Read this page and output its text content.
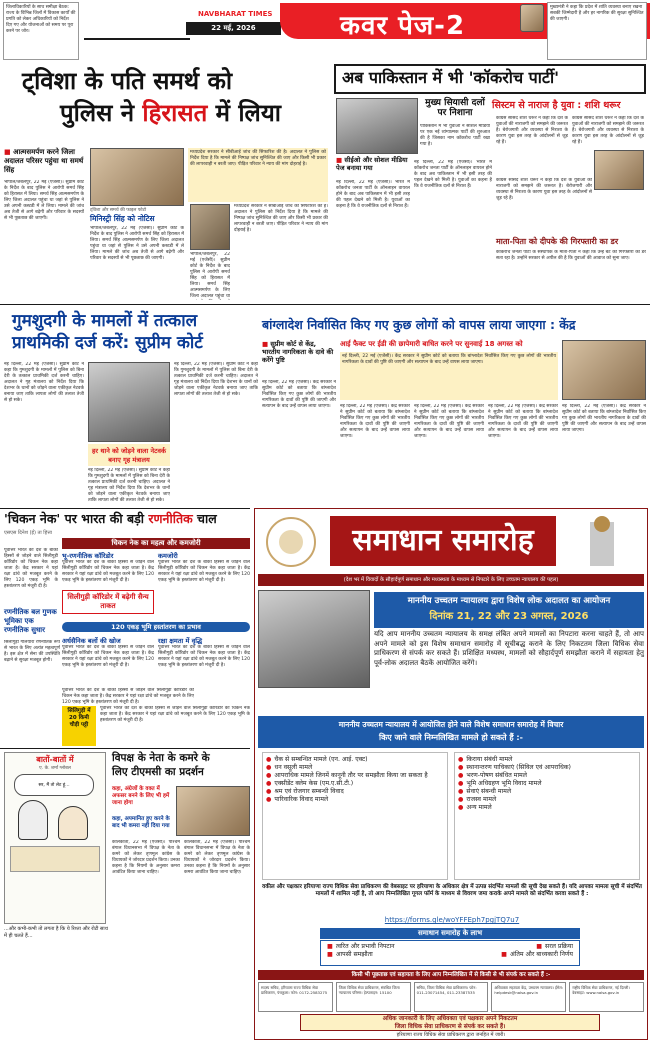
जिलाधिकारियों के साथ समीक्षा बैठक: राज्य के विभिन्न जिलों में विकास कार्यों की प्रगति को लेकर अधिकारियों को निर्देश दिए गए और योजनाओं को समय पर पूरा करने पर जोर।
NAVBHARAT TIMES
22 मई, 2026	कवर पेज-2
मुख्यमंत्री ने कहा कि प्रदेश में शांति व्यवस्था बनाए रखना सबकी जिम्मेदारी है और हर नागरिक की सुरक्षा सुनिश्चित की जाएगी।
ट्विशा के पति समर्थ को
पुलिस ने हिरासत में लिया
■ आत्मसमर्पण करने जिला अदालत परिसर पहुंचा था समर्थ सिंह
भोपाल/जबलपुर, 22 मई (एजेंसी)। सुप्रीम कोर्ट के निर्देश के बाद पुलिस ने आरोपी समर्थ सिंह को हिरासत में लिया। समर्थ सिंह आत्मसमर्पण के लिए जिला अदालत पहुंचा था जहां से पुलिस ने उसे अपनी कस्टडी में ले लिया। मामले की जांच अब तेजी से आगे बढ़ेगी और परिवार के सदस्यों से भी पूछताछ की जाएगी।
ट्विशा और समर्थ की फाइल फोटो
मिनिस्ट्री सिंह को नोटिस
भोपाल/जबलपुर, 22 मई (एजेंसी)। सुप्रीम कोर्ट के निर्देश के बाद पुलिस ने आरोपी समर्थ सिंह को हिरासत में लिया। समर्थ सिंह आत्मसमर्पण के लिए जिला अदालत पहुंचा था जहां से पुलिस ने उसे अपनी कस्टडी में ले लिया। मामले की जांच अब तेजी से आगे बढ़ेगी और परिवार के सदस्यों से भी पूछताछ की जाएगी।
मध्यप्रदेश सरकार ने सीबीआई जांच की सिफारिश की है। अदालत ने पुलिस को निर्देश दिया है कि मामले की निष्पक्ष जांच सुनिश्चित की जाए और किसी भी प्रकार की लापरवाही न बरती जाए। पीड़ित परिवार ने न्याय की मांग दोहराई है।
मध्यप्रदेश सरकार ने सीबीआई जांच की सिफारिश की है। अदालत ने पुलिस को निर्देश दिया है कि मामले की निष्पक्ष जांच सुनिश्चित की जाए और किसी भी प्रकार की लापरवाही न बरती जाए। पीड़ित परिवार ने न्याय की मांग दोहराई है।
भोपाल/जबलपुर, 22 मई (एजेंसी)। सुप्रीम कोर्ट के निर्देश के बाद पुलिस ने आरोपी समर्थ सिंह को हिरासत में लिया। समर्थ सिंह आत्मसमर्पण के लिए जिला अदालत पहुंचा था
अब पाकिस्तान में भी 'कॉकरोच पार्टी'
मुख्य सियासी दलों पर निशाना
पाकिस्तान में भी युवाओं ने सोशल मीडिया पर एक नई व्यंग्यात्मक पार्टी की शुरुआत की है जिसका नाम कॉकरोच पार्टी रखा गया है।
■ सीईओ और सोशल मीडिया पेज बनाया गया
नई दिल्ली, 22 मई (एजेंसी)। भारत में कॉकरोच जनता पार्टी के ऑनलाइन वायरल होने के बाद अब पाकिस्तान में भी इसी तरह की पहल देखने को मिली है। युवाओं का कहना है कि वे राजनीतिक दलों से निराश हैं।
नई दिल्ली, 22 मई (एजेंसी)। भारत में कॉकरोच जनता पार्टी के ऑनलाइन वायरल होने के बाद अब पाकिस्तान में भी इसी तरह की पहल देखने को मिली है। युवाओं का कहना है कि वे राजनीतिक दलों से निराश हैं।
सिस्टम से नाराज है युवा : शशि थरूर
कांग्रेस सांसद शशि थरूर ने कहा कि देश के युवाओं की नाराजगी को समझने की जरूरत है। बेरोजगारी और व्यवस्था से निराशा के कारण युवा इस तरह के आंदोलनों से जुड़ रहे हैं।
कांग्रेस सांसद शशि थरूर ने कहा कि देश के युवाओं की नाराजगी को समझने की जरूरत है। बेरोजगारी और व्यवस्था से निराशा के कारण युवा इस तरह के आंदोलनों से जुड़ रहे हैं।
कांग्रेस सांसद शशि थरूर ने कहा कि देश के युवाओं की नाराजगी को समझने की जरूरत है। बेरोजगारी और व्यवस्था से निराशा के कारण युवा इस तरह के आंदोलनों से जुड़ रहे हैं।
माता-पिता को दीपके की गिरफ्तारी का डर
कॉकरोच जनता पार्टी के संस्थापक के माता-पिता ने कहा कि उन्हें बेटे की गिरफ्तारी का डर सता रहा है। उन्होंने सरकार से अपील की है कि युवाओं की आवाज को सुना जाए।
गुमशुदगी के मामलों में तत्काल
प्राथमिकी दर्ज करें: सुप्रीम कोर्ट
नई दिल्ली, 22 मई (एजेंसी)। सुप्रीम कोर्ट ने कहा कि गुमशुदगी के मामलों में पुलिस को बिना देरी के तत्काल प्राथमिकी दर्ज करनी चाहिए। अदालत ने गृह मंत्रालय को निर्देश दिया कि देशभर के थानों को जोड़ने वाला एकीकृत नेटवर्क बनाया जाए ताकि लापता लोगों की तलाश तेजी से हो सके।
हर थाने को जोड़ने वाला नेटवर्क बनाए गृह मंत्रालय
नई दिल्ली, 22 मई (एजेंसी)। सुप्रीम कोर्ट ने कहा कि गुमशुदगी के मामलों में पुलिस को बिना देरी के तत्काल प्राथमिकी दर्ज करनी चाहिए। अदालत ने गृह मंत्रालय को निर्देश दिया कि देशभर के थानों को जोड़ने वाला एकीकृत नेटवर्क बनाया जाए ताकि लापता लोगों की तलाश तेजी से हो सके।
नई दिल्ली, 22 मई (एजेंसी)। सुप्रीम कोर्ट ने कहा कि गुमशुदगी के मामलों में पुलिस को बिना देरी के तत्काल प्राथमिकी दर्ज करनी चाहिए। अदालत ने गृह मंत्रालय को निर्देश दिया कि देशभर के थानों को जोड़ने वाला एकीकृत नेटवर्क बनाया जाए ताकि लापता लोगों की तलाश तेजी से हो सके।
बांग्लादेश निर्वासित किए गए कुछ लोगों को वापस लाया जाएगा : केंद्र
■ सुप्रीम कोर्ट से केंद्र, भारतीय नागरिकता के दावे की करेंगे पुष्टि
नई दिल्ली, 22 मई (एजेंसी)। केंद्र सरकार ने सुप्रीम कोर्ट को बताया कि बांग्लादेश निर्वासित किए गए कुछ लोगों की भारतीय नागरिकता के दावों की पुष्टि की जाएगी और सत्यापन के बाद उन्हें वापस लाया जाएगा।
आई फैक्ट पर ईडी की छापेमारी बाधित करने पर सुनवाई 18 अगस्त को
नई दिल्ली, 22 मई (एजेंसी)। केंद्र सरकार ने सुप्रीम कोर्ट को बताया कि बांग्लादेश निर्वासित किए गए कुछ लोगों की भारतीय नागरिकता के दावों की पुष्टि की जाएगी और सत्यापन के बाद उन्हें वापस लाया जाएगा।
नई दिल्ली, 22 मई (एजेंसी)। केंद्र सरकार ने सुप्रीम कोर्ट को बताया कि बांग्लादेश निर्वासित किए गए कुछ लोगों की भारतीय नागरिकता के दावों की पुष्टि की जाएगी और सत्यापन के बाद उन्हें वापस लाया जाएगा।
नई दिल्ली, 22 मई (एजेंसी)। केंद्र सरकार ने सुप्रीम कोर्ट को बताया कि बांग्लादेश निर्वासित किए गए कुछ लोगों की भारतीय नागरिकता के दावों की पुष्टि की जाएगी और सत्यापन के बाद उन्हें वापस लाया जाएगा।
नई दिल्ली, 22 मई (एजेंसी)। केंद्र सरकार ने सुप्रीम कोर्ट को बताया कि बांग्लादेश निर्वासित किए गए कुछ लोगों की भारतीय नागरिकता के दावों की पुष्टि की जाएगी और सत्यापन के बाद उन्हें वापस लाया जाएगा।
नई दिल्ली, 22 मई (एजेंसी)। केंद्र सरकार ने सुप्रीम कोर्ट को बताया कि बांग्लादेश निर्वासित किए गए कुछ लोगों की भारतीय नागरिकता के दावों की पुष्टि की जाएगी और सत्यापन के बाद उन्हें वापस लाया जाएगा।
'चिकन नेक' पर भारत की बड़ी रणनीतिक चाल
एसएस दिनेश (ई) ता हित्ता
चिकन नेक का महत्व और कमजोरी
भू-रणनीतिक कॉरिडोर	कमजोरी
पूर्वोत्तर भारत को देश के बाकी हिस्सों से जोड़ने वाले सिलीगुड़ी कॉरिडोर को चिकन नेक कहा जाता है। केंद्र सरकार ने यहां रक्षा ढांचे को मजबूत करने के लिए 120 एकड़ भूमि के हस्तांतरण को मंजूरी दी है।
पूर्वोत्तर भारत को देश के बाकी हिस्सों से जोड़ने वाले सिलीगुड़ी कॉरिडोर को चिकन नेक कहा जाता है। केंद्र सरकार ने यहां रक्षा ढांचे को मजबूत करने के लिए 120 एकड़ भूमि के हस्तांतरण को मंजूरी दी है।
पूर्वोत्तर भारत को देश के बाकी हिस्सों से जोड़ने वाले सिलीगुड़ी कॉरिडोर को चिकन नेक कहा जाता है। केंद्र सरकार ने यहां रक्षा ढांचे को मजबूत करने के लिए 120 एकड़ भूमि के हस्तांतरण को मंजूरी दी है।
सिलीगुड़ी कॉरिडोर में बढ़ेगी सैन्य ताकत
120 एकड़ भूमि हस्तांतरण का प्रभाव
अर्धसैनिक बलों की खोज	रक्षा क्षमता में वृद्धि
पूर्वोत्तर भारत को देश के बाकी हिस्सों से जोड़ने वाले सिलीगुड़ी कॉरिडोर को चिकन नेक कहा जाता है। केंद्र सरकार ने यहां रक्षा ढांचे को मजबूत करने के लिए 120 एकड़ भूमि के हस्तांतरण को मंजूरी दी है।
पूर्वोत्तर भारत को देश के बाकी हिस्सों से जोड़ने वाले सिलीगुड़ी कॉरिडोर को चिकन नेक कहा जाता है। केंद्र सरकार ने यहां रक्षा ढांचे को मजबूत करने के लिए 120 एकड़ भूमि के हस्तांतरण को मंजूरी दी है।
पूर्वोत्तर भारत को देश के बाकी हिस्सों से जोड़ने वाले सिलीगुड़ी कॉरिडोर को चिकन नेक कहा जाता है। केंद्र सरकार ने यहां रक्षा ढांचे को मजबूत करने के लिए 120 एकड़ भूमि के हस्तांतरण को मंजूरी दी है।
सिलिगुड़ी में 20 किमी चौड़ी पट्टी
पूर्वोत्तर भारत को देश के बाकी हिस्सों से जोड़ने वाले सिलीगुड़ी कॉरिडोर को चिकन नेक कहा जाता है। केंद्र सरकार ने यहां रक्षा ढांचे को मजबूत करने के लिए 120 एकड़ भूमि के हस्तांतरण को मंजूरी दी है।
रणनीतिक बल गुणक भूमिका एक रणनीतिक सुधार
सिलीगुड़ी गलियारा रणनीतिक रूप से भारत के लिए अत्यंत महत्वपूर्ण है। इस क्षेत्र में सेना की उपस्थिति बढ़ाने से सुरक्षा मजबूत होगी।
बातों-बातों में
ए. के. शर्मा ग्लोबल
सर, मैं तो लेट हूं...
...और कभी-कभी तो लगता है कि ये रिश्ता और रोटी साथ में ही चलते हैं...
विपक्ष के नेता के कमरे के
लिए टीएमसी का प्रदर्शन
कहा, अंग्रेजों के वक्त में अफसर बनने के लिए भी हमें जाना होगा
कहा, अपमानित हुए करने के बाद भी कमरा नहीं दिया गया
कोलकाता, 22 मई (एजेंसी)। पश्चिम बंगाल विधानसभा में विपक्ष के नेता के कमरे को लेकर तृणमूल कांग्रेस के विधायकों ने जोरदार प्रदर्शन किया। उनका कहना है कि नियमों के अनुसार कमरा आवंटित किया जाना चाहिए।
कोलकाता, 22 मई (एजेंसी)। पश्चिम बंगाल विधानसभा में विपक्ष के नेता के कमरे को लेकर तृणमूल कांग्रेस के विधायकों ने जोरदार प्रदर्शन किया। उनका कहना है कि नियमों के अनुसार कमरा आवंटित किया जाना चाहिए।
समाधान समारोह
(देश भर में विवादों के सौहार्दपूर्ण समाधान और मध्यस्थता के माध्यम से निपटारे के लिए उच्चतम न्यायालय की पहल)
माननीय उच्चतम न्यायालय द्वारा विशेष लोक अदालत का आयोजन
दिनांक 21, 22 और 23 अगस्त, 2026
यदि आप माननीय उच्चतम न्यायालय के समक्ष लंबित अपने मामलों का निपटारा करना चाहते हैं, तो आप अपने मामले को इस विशेष समाधान समारोह में सूचीबद्ध कराने के लिए निकटतम जिला विधिक सेवा प्राधिकरण से संपर्क कर सकते हैं। प्रशिक्षित मध्यस्थ, मामलों को सौहार्दपूर्ण समझौता कराने में सहायता हेतु पूर्व-लोक अदालत बैठकें आयोजित करेंगे।
माननीय उच्चतम न्यायालय में आयोजित होने वाले विशेष समाधान समारोह में विचार
किए जाने वाले निम्नलिखित मामले हो सकते हैं :-
● चैक से सम्बन्धित मामले (एन. आई. एक्ट)
● धन वसूली मामले
● आपराधिक मामले जिनमें कानूनी तौर पर समझौता किया जा सकता है
● एक्सीडेंट क्लेम केस (एम.ए.सी.टी.)
● श्रम एवं रोजगार सम्बन्धी विवाद
● पारिवारिक विवाद मामले
● किराया संबंधी मामले
● स्थानान्तरण याचिकाएं (सिविल एवं आपराधिक)
● भरण-पोषण संबंधित मामले
● भूमि अधिग्रहण भूमि विवाद मामले
● सेवाएं संबन्धी मामले
● राजस्व मामले
● अन्य मामले
वकील और पक्षकार हरियाणा राज्य विधिक सेवा प्राधिकरण की वेबसाइट पर हरियाणा के अधिकार क्षेत्र में उत्पन्न संदर्भित मामलों की सूची देख सकते हैं। यदि आपका मामला सूची में संदर्भित मामलों में शामिल नहीं है, तो आप निम्नलिखित गूगल फॉर्म के माध्यम से विवरण जमा कराके अपने मामले को संदर्भित करवा सकते हैं :
https://forms.gle/woYFFEph7pgjTQ7u7
समाधान समारोह के लाभ
■ त्वरित और प्रभावी निपटान	■ सरल प्रक्रिया
■ आपसी समझौता	■ अंतिम और बाध्यकारी निर्णय
किसी भी पूछताछ एवं सहायता के लिए आप निम्नलिखित में से किसी से भी संपर्क कर सकते हैं :-
सदस्य सचिव, हरियाणा राज्य विधिक सेवा प्राधिकरण, पंचकूला। फोन: 0172-2583275
जिला विधिक सेवा प्राधिकरण, संबंधित जिला न्यायालय परिसर। हेल्पलाइन: 15100
सचिव, जिला विधिक सेवा प्राधिकरण। फोन: 011-23071454, 011-23387535
अधिवक्ता सहायता केंद्र, उच्चतम न्यायालय। ईमेल: helpdesk@nalsa.gov.in
राष्ट्रीय विधिक सेवा प्राधिकरण, नई दिल्ली। वेबसाइट: www.nalsa.gov.in
अधिक जानकारी के लिए अधिवक्ता एवं पक्षकार अपने निकटतम
जिला विधिक सेवा प्राधिकरण से संपर्क कर सकते हैं।
हरियाणा राज्य विधिक सेवा प्राधिकरण द्वारा जनहित में जारी।
